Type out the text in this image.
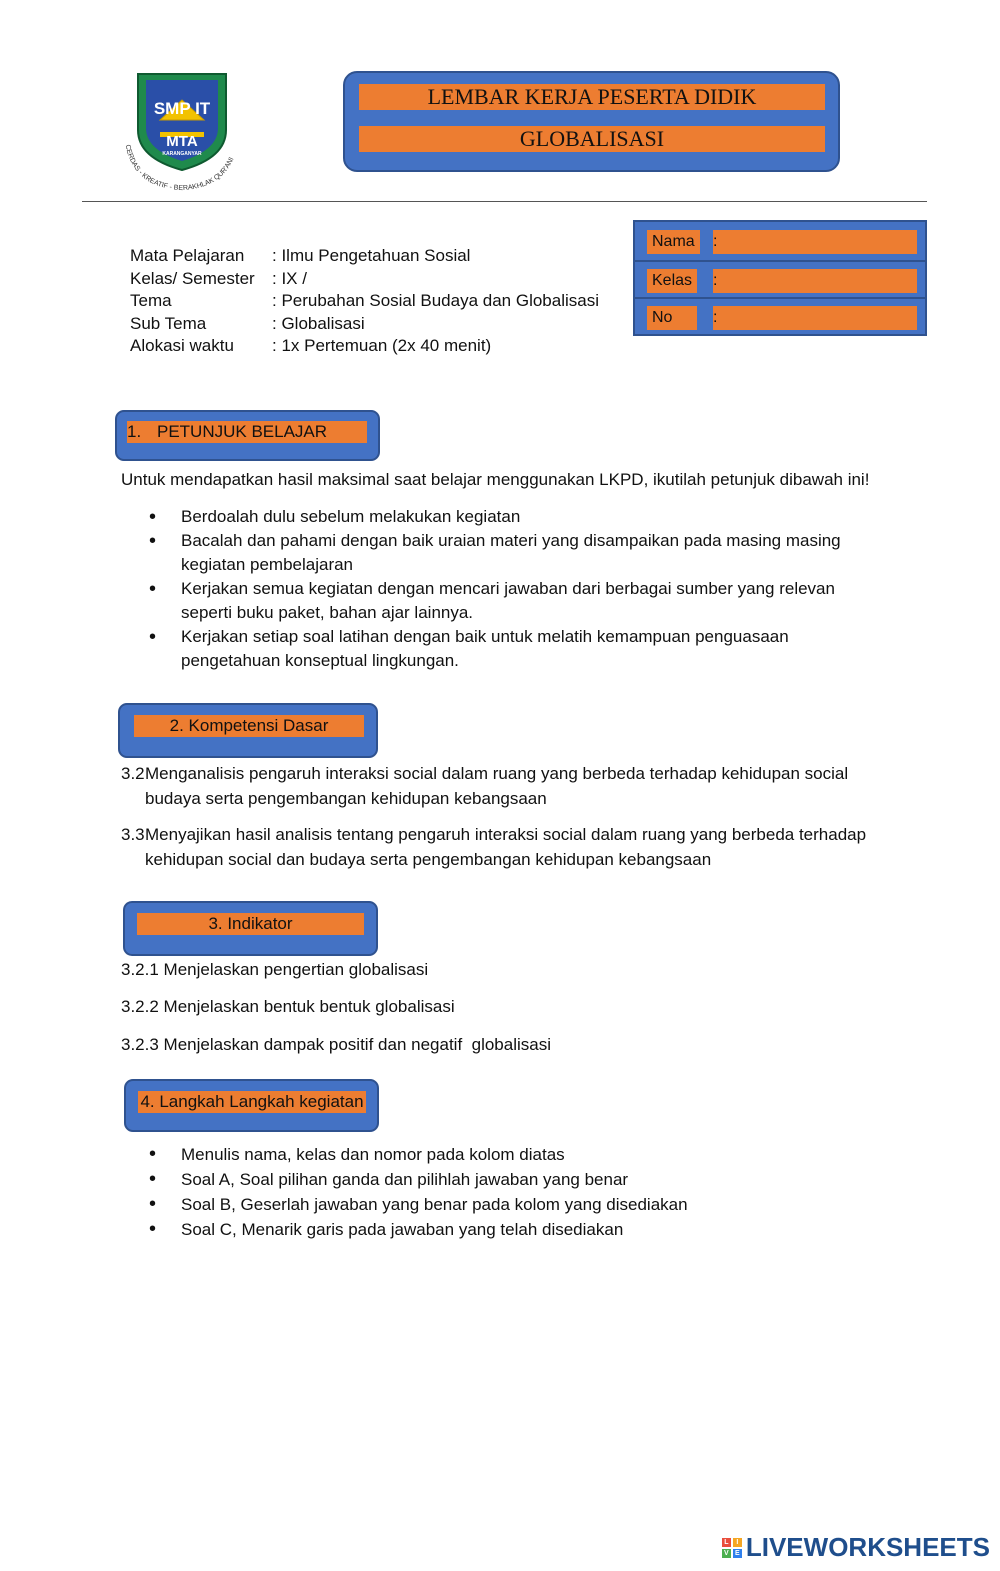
SMP IT
MTA
KARANGANYAR
CERDAS - KREATIF - BERAKHLAK QUR'ANI
LEMBAR KERJA PESERTA DIDIK
GLOBALISASI
Nama	:
Kelas	:
No	:
Mata Pelajaran	: Ilmu Pengetahuan Sosial
Kelas/ Semester	: IX /
Tema	: Perubahan Sosial Budaya dan Globalisasi
Sub Tema	: Globalisasi
Alokasi waktu	: 1x Pertemuan (2x 40 menit)
1. PETUNJUK BELAJAR
Untuk mendapatkan hasil maksimal saat belajar menggunakan LKPD, ikutilah petunjuk dibawah ini!
• Berdoalah dulu sebelum melakukan kegiatan
• Bacalah dan pahami dengan baik uraian materi yang disampaikan pada masing masing kegiatan pembelajaran
• Kerjakan semua kegiatan dengan mencari jawaban dari berbagai sumber yang relevan seperti buku paket, bahan ajar lainnya.
• Kerjakan setiap soal latihan dengan baik untuk melatih kemampuan penguasaan pengetahuan konseptual lingkungan.
2. Kompetensi Dasar
3.2 Menganalisis pengaruh interaksi social dalam ruang yang berbeda terhadap kehidupan social budaya serta pengembangan kehidupan kebangsaan
3.3 Menyajikan hasil analisis tentang pengaruh interaksi social dalam ruang yang berbeda terhadap kehidupan social dan budaya serta pengembangan kehidupan kebangsaan
3. Indikator
3.2.1 Menjelaskan pengertian globalisasi
3.2.2 Menjelaskan bentuk bentuk globalisasi
3.2.3 Menjelaskan dampak positif dan negatif  globalisasi
4. Langkah Langkah kegiatan
• Menulis nama, kelas dan nomor pada kolom diatas
• Soal A, Soal pilihan ganda dan pilihlah jawaban yang benar
• Soal B, Geserlah jawaban yang benar pada kolom yang disediakan
• Soal C, Menarik garis pada jawaban yang telah disediakan
L	I
V E LIVEWORKSHEETS
